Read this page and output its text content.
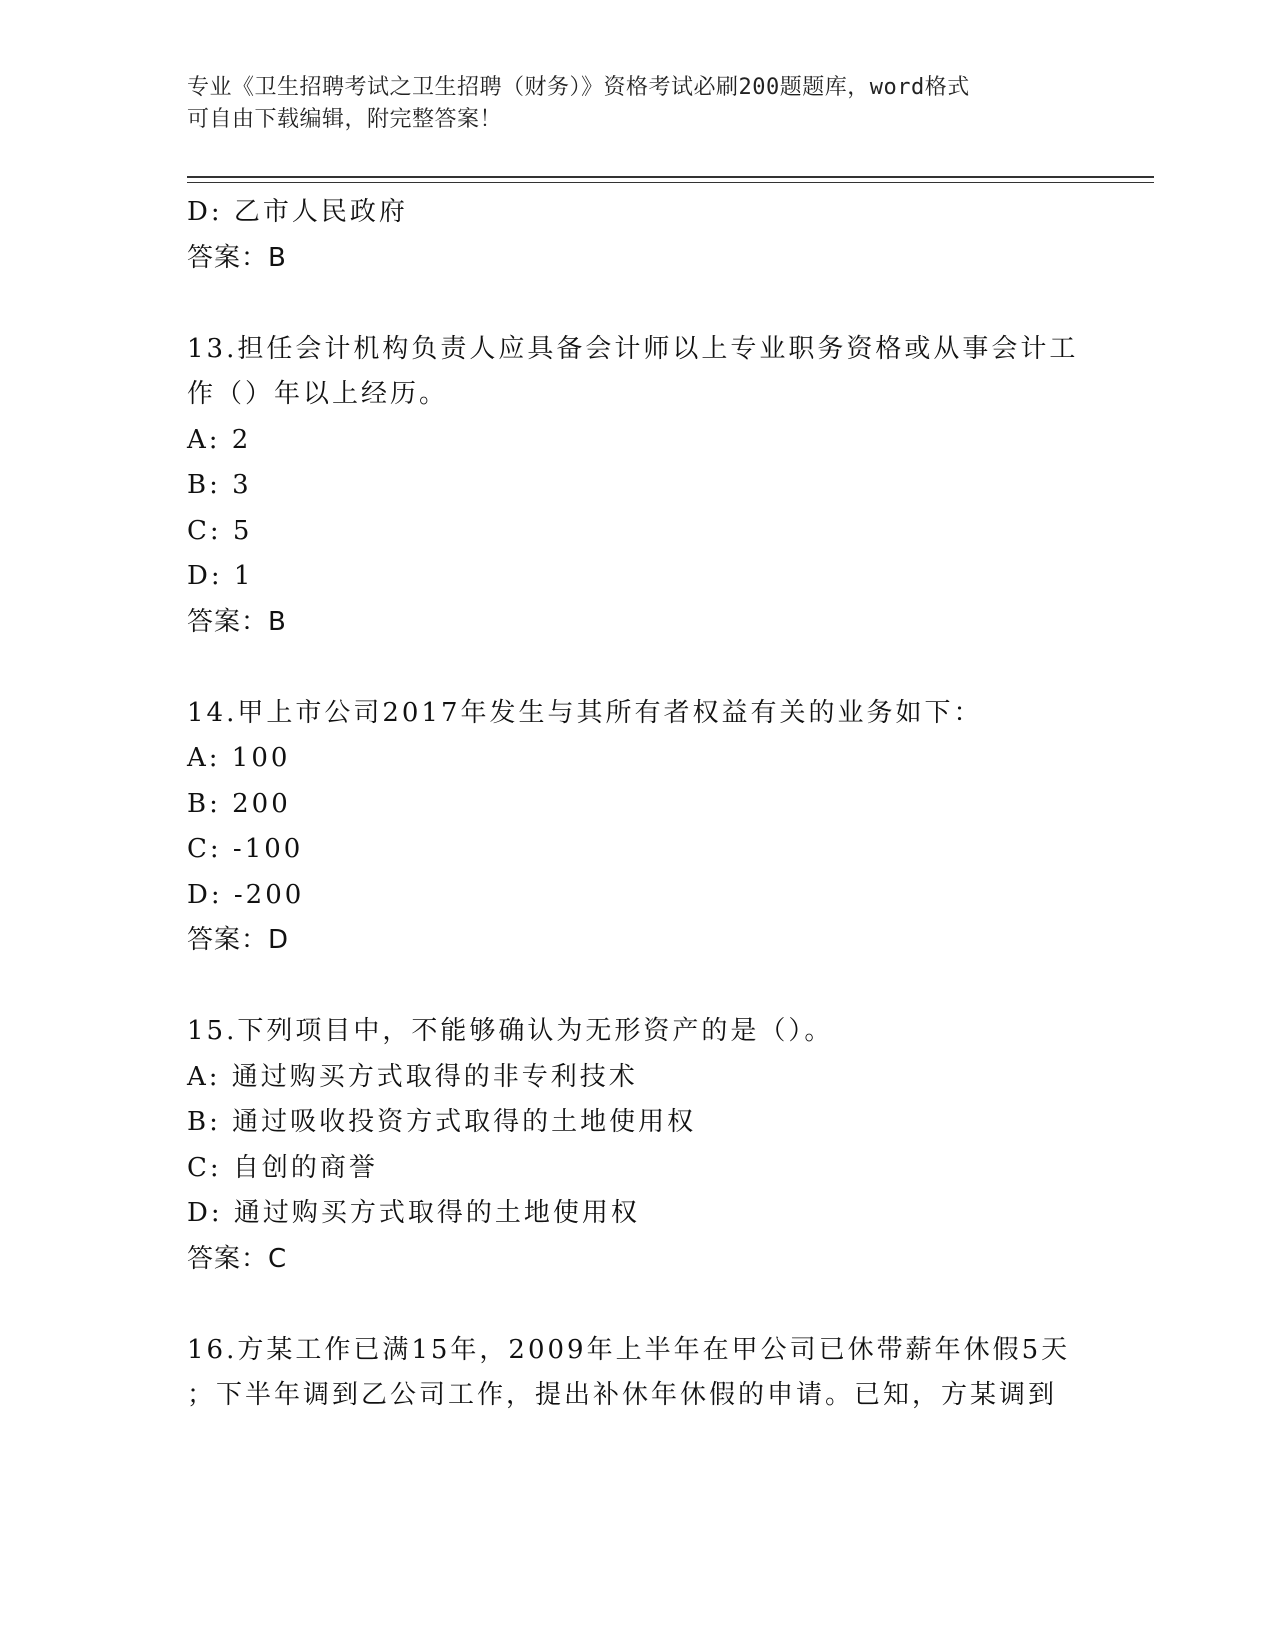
专业《卫生招聘考试之卫生招聘（财务）》资格考试必刷200题题库，word格式
可自由下载编辑，附完整答案！

D: 乙市人民政府

答案：B

13.担任会计机构负责人应具备会计师以上专业职务资格或从事会计工

作（）年以上经历。

A: 2

B: 3

C: 5

D: 1

答案：B

14.甲上市公司2017年发生与其所有者权益有关的业务如下：

A: 100

B: 200

C: -100

D: -200

答案：D

15.下列项目中，不能够确认为无形资产的是（）。

A: 通过购买方式取得的非专利技术

B: 通过吸收投资方式取得的土地使用权

C: 自创的商誉

D: 通过购买方式取得的土地使用权

答案：C

16.方某工作已满15年，2009年上半年在甲公司已休带薪年休假5天

；下半年调到乙公司工作，提出补休年休假的申请。已知，方某调到
